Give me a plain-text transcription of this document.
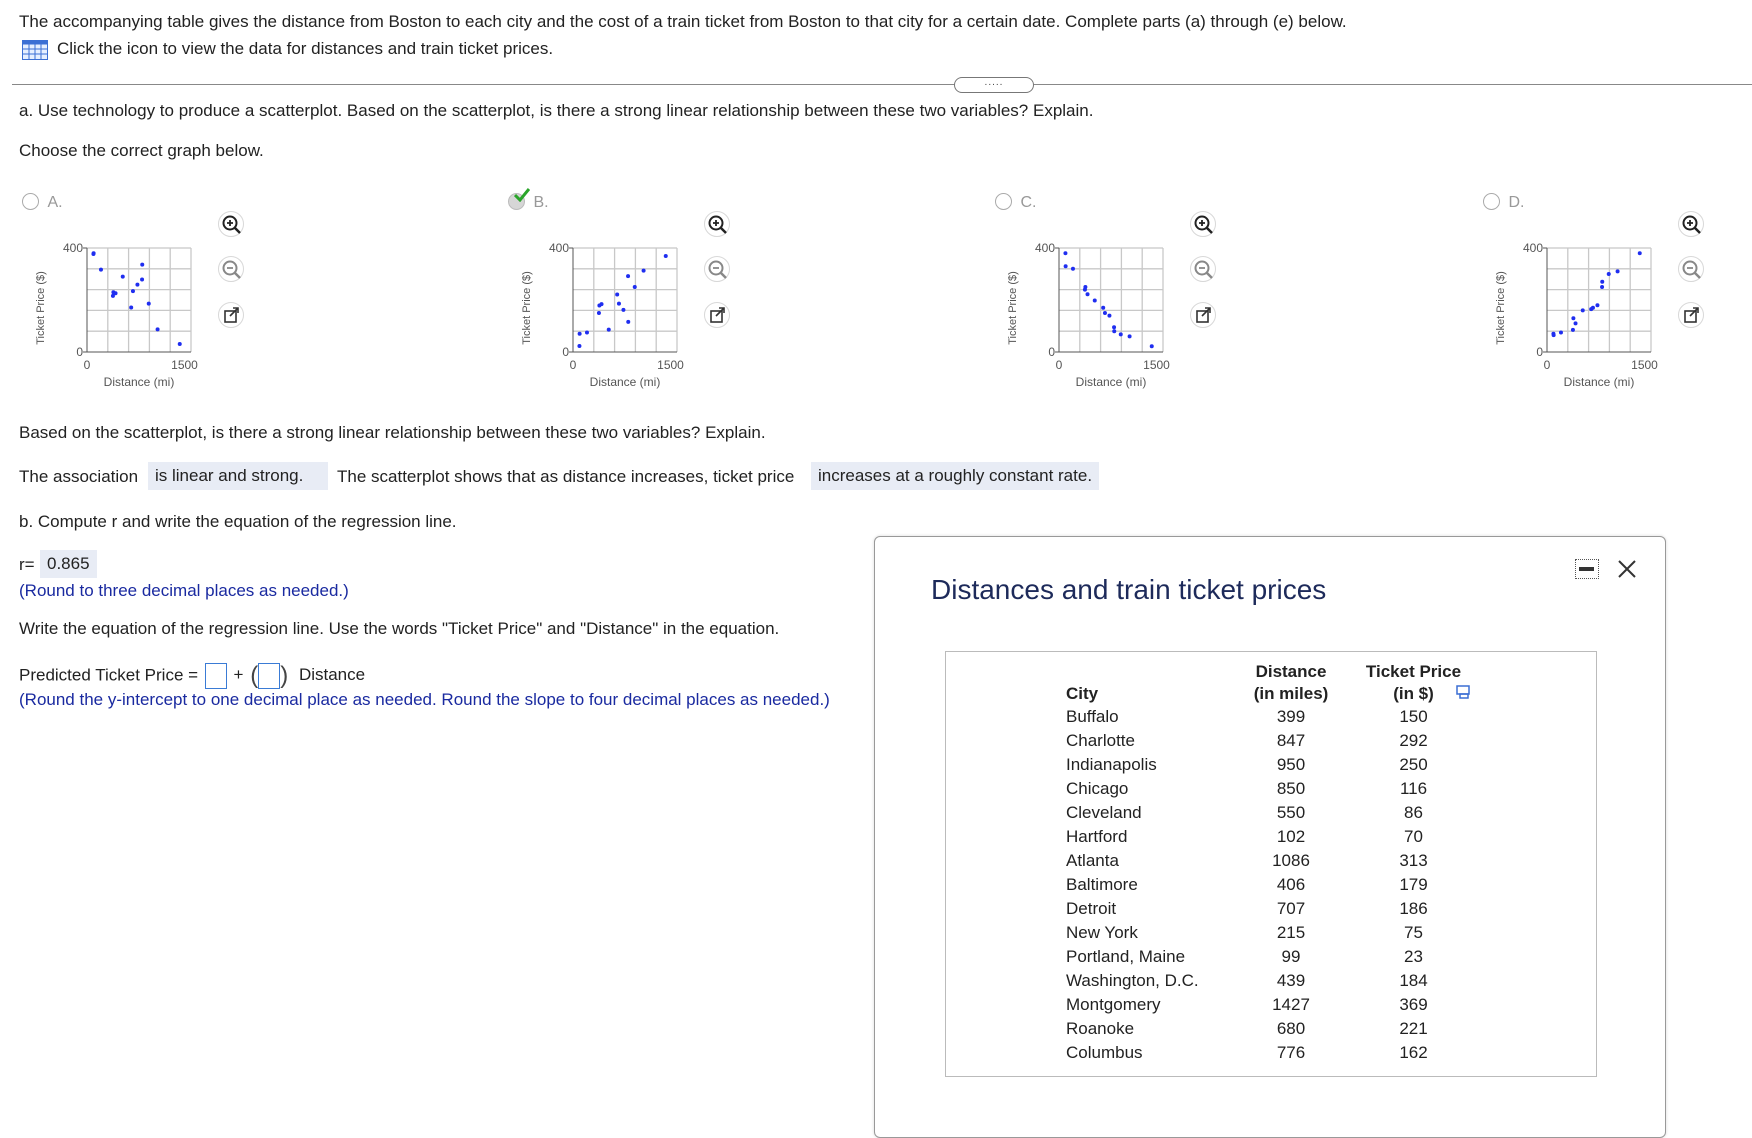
The accompanying table gives the distance from Boston to each city and the cost of a train ticket from Boston to that city for a certain date. Complete parts (a) through (e) below.
Click the icon to view the data for distances and train ticket prices.
.....
a. Use technology to produce a scatterplot. Based on the scatterplot, is there a strong linear relationship between these two variables? Explain.
Choose the correct graph below.
A.
	B.	C.	D.
400
0
0	1500
Distance (mi)
Ticket Price ($)
400
0
0	1500
Distance (mi)
Ticket Price ($)
400
0
0	1500
Distance (mi)
Ticket Price ($)
400
0
0	1500
Distance (mi)
Ticket Price ($)
Based on the scatterplot, is there a strong linear relationship between these two variables? Explain.
The association is linear and strong.	The scatterplot shows that as distance increases, ticket price	increases at a roughly constant rate.
b. Compute r and write the equation of the regression line.
r= 0.865
(Round to three decimal places as needed.)
Write the equation of the regression line. Use the words "Ticket Price" and "Distance" in the equation.
Predicted Ticket Price = + ( ) Distance
(Round the y-intercept to one decimal place as needed. Round the slope to four decimal places as needed.)
Distances and train ticket prices
	Distance	Ticket Price
City	(in miles)	(in $)
Buffalo	399	150
Charlotte	847	292
Indianapolis	950	250
Chicago	850	116
Cleveland	550	86
Hartford	102	70
Atlanta	1086	313
Baltimore	406	179
Detroit	707	186
New York	215	75
Portland, Maine	99	23
Washington, D.C.	439	184
Montgomery	1427	369
Roanoke	680	221
Columbus	776	162
